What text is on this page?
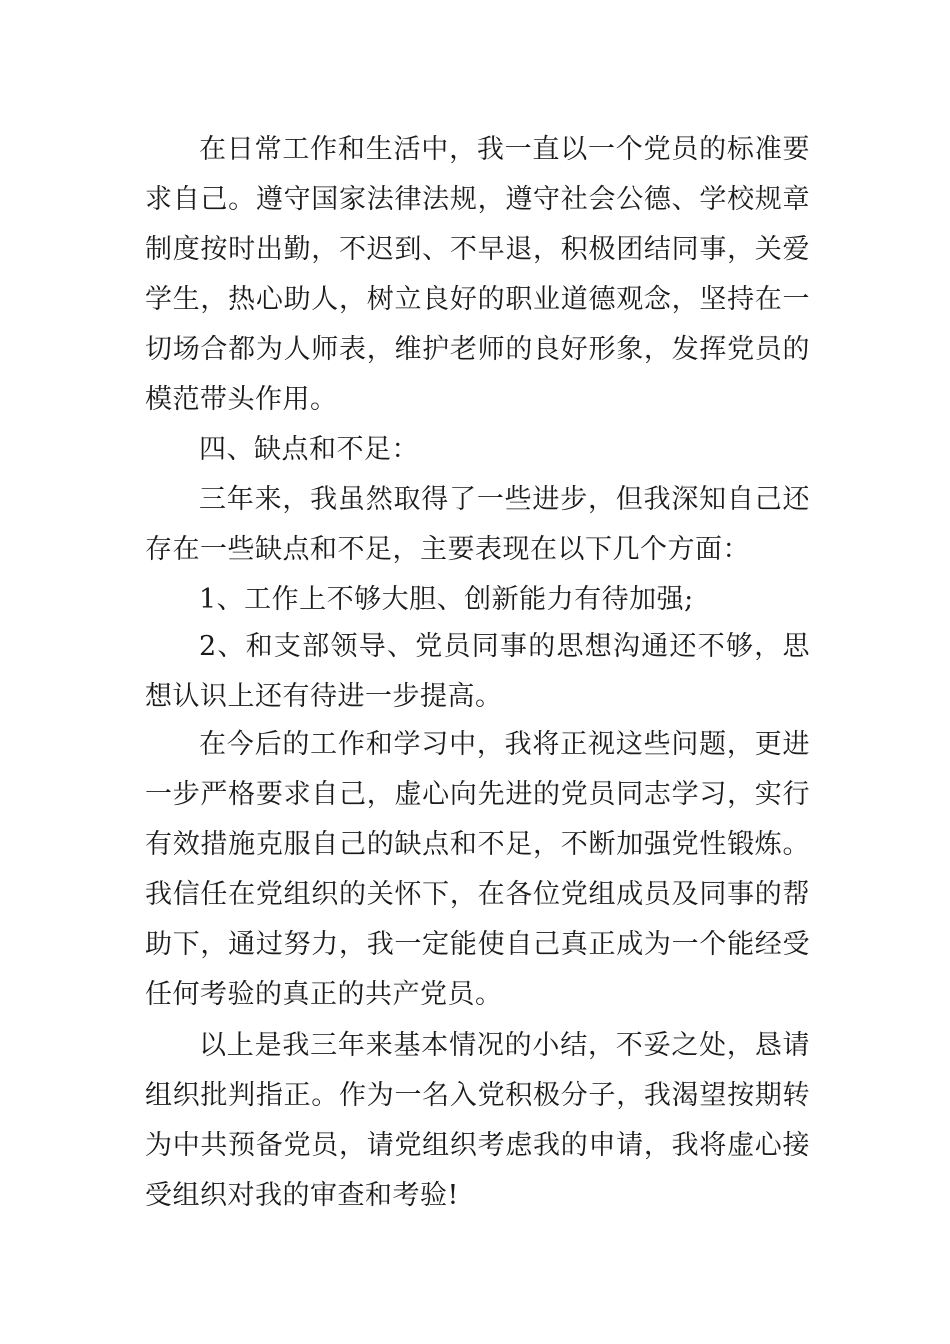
在日常工作和生活中，我一直以一个党员的标准要求自己。遵守国家法律法规，遵守社会公德、学校规章制度按时出勤，不迟到、不早退，积极团结同事，关爱学生，热心助人，树立良好的职业道德观念，坚持在一切场合都为人师表，维护老师的良好形象，发挥党员的模范带头作用。

四、缺点和不足：

三年来，我虽然取得了一些进步，但我深知自己还存在一些缺点和不足，主要表现在以下几个方面：

1、工作上不够大胆、创新能力有待加强;

2、和支部领导、党员同事的思想沟通还不够，思想认识上还有待进一步提高。

在今后的工作和学习中，我将正视这些问题，更进一步严格要求自己，虚心向先进的党员同志学习，实行有效措施克服自己的缺点和不足，不断加强党性锻炼。我信任在党组织的关怀下，在各位党组成员及同事的帮助下，通过努力，我一定能使自己真正成为一个能经受任何考验的真正的共产党员。

以上是我三年来基本情况的小结，不妥之处，恳请组织批判指正。作为一名入党积极分子，我渴望按期转为中共预备党员，请党组织考虑我的申请，我将虚心接受组织对我的审查和考验!
